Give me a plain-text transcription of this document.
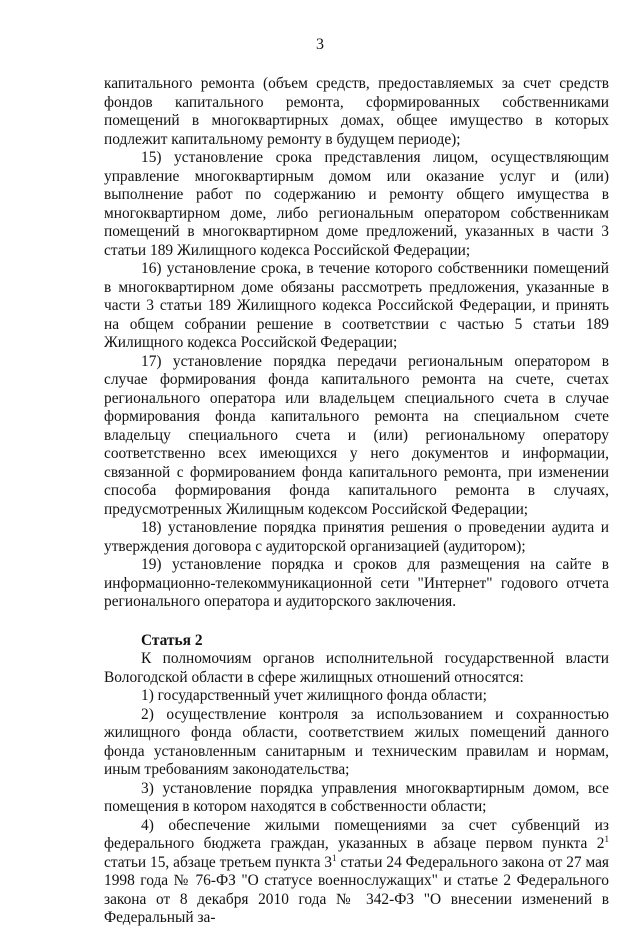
3

капитального ремонта (объем средств, предоставляемых за счет средств фондов капитального ремонта, сформированных собственниками помещений в многоквартирных домах, общее имущество в которых подлежит капитальному ремонту в будущем периоде);

15) установление срока представления лицом, осуществляющим управление многоквартирным домом или оказание услуг и (или) выполнение работ по содержанию и ремонту общего имущества в многоквартирном доме, либо региональным оператором собственникам помещений в многоквартирном доме предложений, указанных в части 3 статьи 189 Жилищного кодекса Российской Федерации;

16) установление срока, в течение которого собственники помещений в многоквартирном доме обязаны рассмотреть предложения, указанные в части 3 статьи 189 Жилищного кодекса Российской Федерации, и принять на общем собрании решение в соответствии с частью 5 статьи 189 Жилищного кодекса Российской Федерации;

17) установление порядка передачи региональным оператором в случае формирования фонда капитального ремонта на счете, счетах регионального оператора или владельцем специального счета в случае формирования фонда капитального ремонта на специальном счете владельцу специального счета и (или) региональному оператору соответственно всех имеющихся у него документов и информации, связанной с формированием фонда капитального ремонта, при изменении способа формирования фонда капитального ремонта в случаях, предусмотренных Жилищным кодексом Российской Федерации;

18) установление порядка принятия решения о проведении аудита и утверждения договора с аудиторской организацией (аудитором);

19) установление порядка и сроков для размещения на сайте в информационно-телекоммуникационной сети "Интернет" годового отчета регионального оператора и аудиторского заключения.

Статья 2

К полномочиям органов исполнительной государственной власти Вологодской области в сфере жилищных отношений относятся:

1) государственный учет жилищного фонда области;

2) осуществление контроля за использованием и сохранностью жилищного фонда области, соответствием жилых помещений данного фонда установленным санитарным и техническим правилам и нормам, иным требованиям законодательства;

3) установление порядка управления многоквартирным домом, все помещения в котором находятся в собственности области;

4) обеспечение жилыми помещениями за счет субвенций из федерального бюджета граждан, указанных в абзаце первом пункта $2^1$ статьи 15, абзаце третьем пункта $3^1$ статьи 24 Федерального закона от 27 мая 1998 года № 76-ФЗ "О статусе военнослужащих" и статье 2 Федерального закона от 8 декабря 2010 года № 342-ФЗ "О внесении изменений в Федеральный за-
